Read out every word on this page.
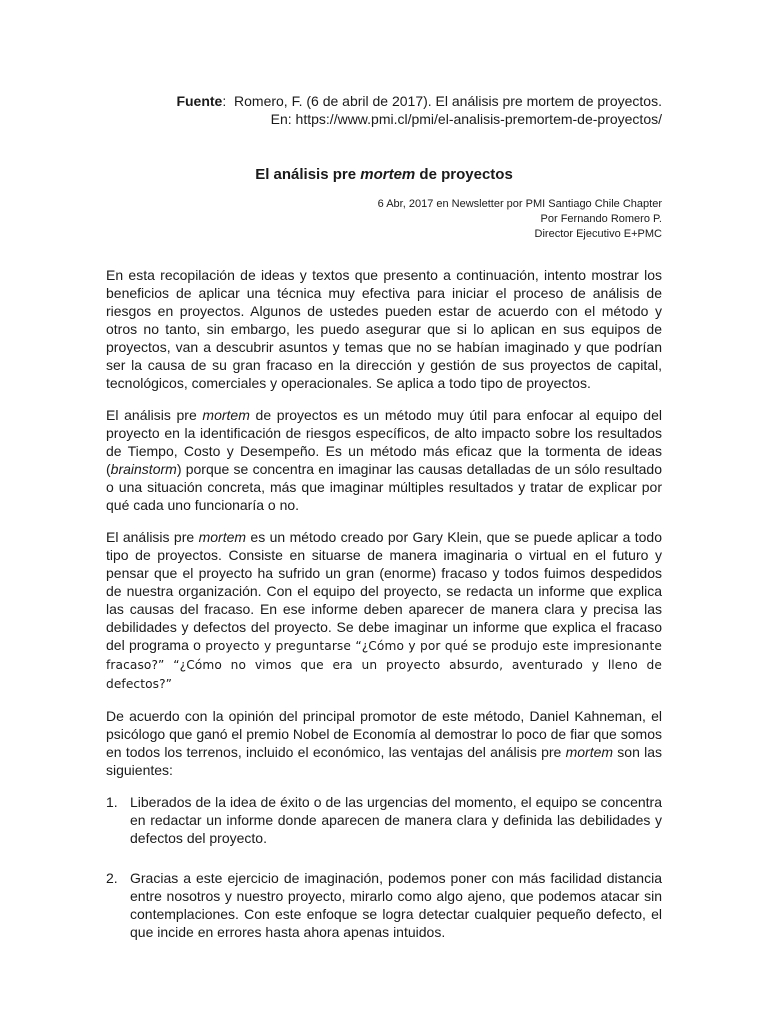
Fuente: Romero, F. (6 de abril de 2017). El análisis pre mortem de proyectos.
En: https://www.pmi.cl/pmi/el-analisis-premortem-de-proyectos/
El análisis pre mortem de proyectos
6 Abr, 2017 en Newsletter por PMI Santiago Chile Chapter
Por Fernando Romero P.
Director Ejecutivo E+PMC

En esta recopilación de ideas y textos que presento a continuación, intento mostrar los beneficios de aplicar una técnica muy efectiva para iniciar el proceso de análisis de riesgos en proyectos. Algunos de ustedes pueden estar de acuerdo con el método y otros no tanto, sin embargo, les puedo asegurar que si lo aplican en sus equipos de proyectos, van a descubrir asuntos y temas que no se habían imaginado y que podrían ser la causa de su gran fracaso en la dirección y gestión de sus proyectos de capital, tecnológicos, comerciales y operacionales. Se aplica a todo tipo de proyectos.

El análisis pre mortem de proyectos es un método muy útil para enfocar al equipo del proyecto en la identificación de riesgos específicos, de alto impacto sobre los resultados de Tiempo, Costo y Desempeño. Es un método más eficaz que la tormenta de ideas (brainstorm) porque se concentra en imaginar las causas detalladas de un sólo resultado o una situación concreta, más que imaginar múltiples resultados y tratar de explicar por qué cada uno funcionaría o no.

El análisis pre mortem es un método creado por Gary Klein, que se puede aplicar a todo tipo de proyectos. Consiste en situarse de manera imaginaria o virtual en el futuro y pensar que el proyecto ha sufrido un gran (enorme) fracaso y todos fuimos despedidos de nuestra organización. Con el equipo del proyecto, se redacta un informe que explica las causas del fracaso. En ese informe deben aparecer de manera clara y precisa las debilidades y defectos del proyecto. Se debe imaginar un informe que explica el fracaso del programa o proyecto y preguntarse “¿Cómo y por qué se produjo este impresionante fracaso?” “¿Cómo no vimos que era un proyecto absurdo, aventurado y lleno de defectos?”

De acuerdo con la opinión del principal promotor de este método, Daniel Kahneman, el psicólogo que ganó el premio Nobel de Economía al demostrar lo poco de fiar que somos en todos los terrenos, incluido el económico, las ventajas del análisis pre mortem son las siguientes:

1. Liberados de la idea de éxito o de las urgencias del momento, el equipo se concentra en redactar un informe donde aparecen de manera clara y definida las debilidades y defectos del proyecto.
2. Gracias a este ejercicio de imaginación, podemos poner con más facilidad distancia entre nosotros y nuestro proyecto, mirarlo como algo ajeno, que podemos atacar sin contemplaciones. Con este enfoque se logra detectar cualquier pequeño defecto, el que incide en errores hasta ahora apenas intuidos.
